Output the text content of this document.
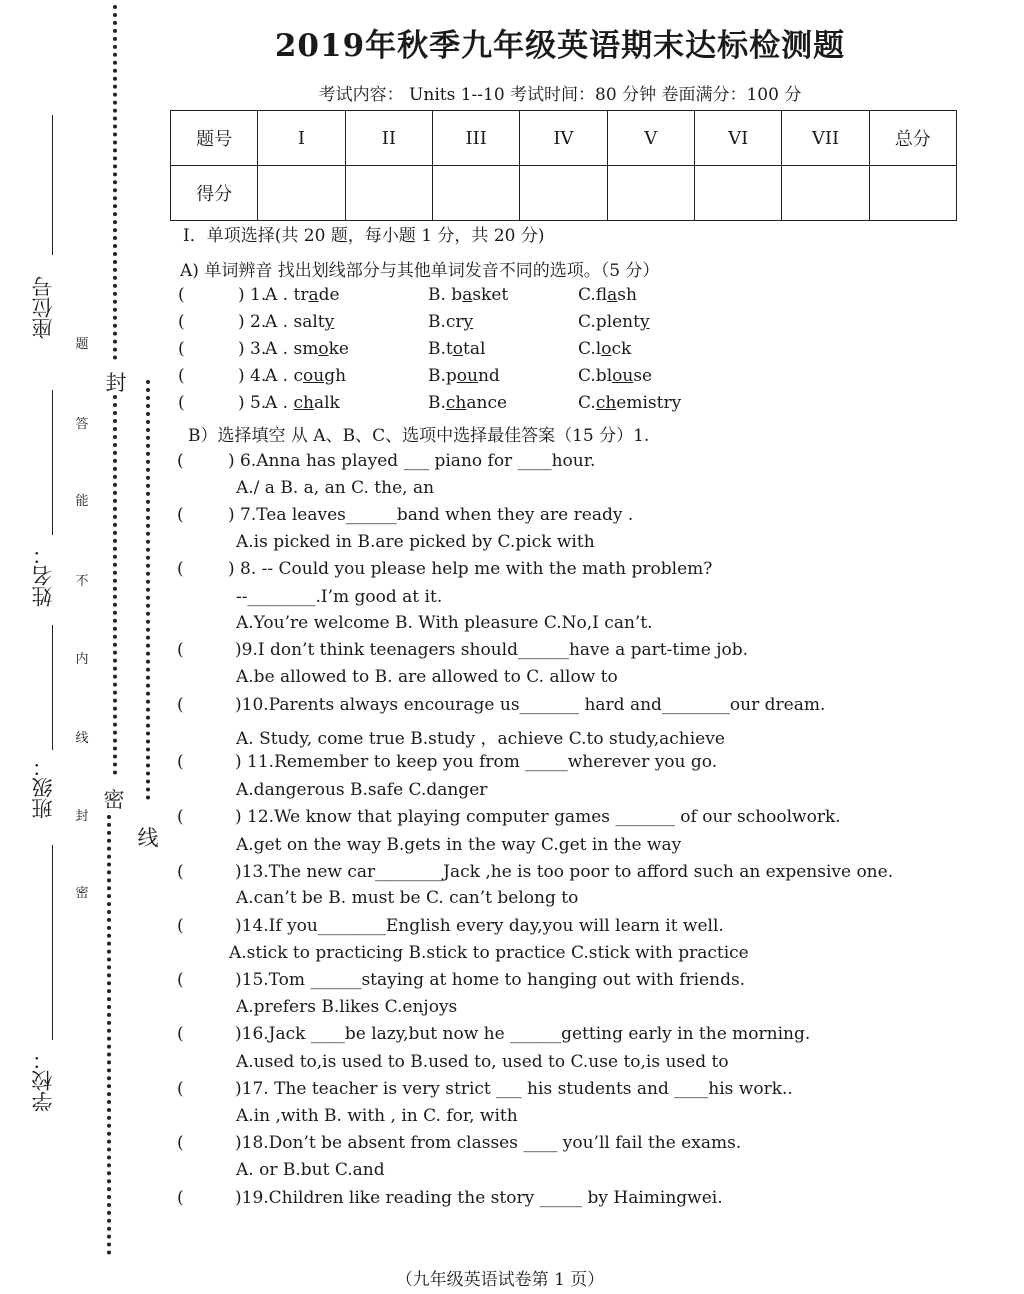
座位号
姓名：
班级：
学校：
题
答
能
不
内
线
封
密
封
密
线
2019年秋季九年级英语期末达标检测题
考试内容： Units 1--10 考试时间：80 分钟 卷面满分：100 分
题号	I	II	III	IV	V	VI	VII	总分
得分								
Ⅰ．单项选择(共 20 题，每小题 1 分，共 20 分)
A) 单词辨音 找出划线部分与其他单词发音不同的选项。（5 分）
(	) 1.
A . trade	B. basket	C.flash
(	) 2.
A . salty	B.cry	C.plenty
(	) 3.
A . smoke	B.total	C.lock
(	) 4.
A . cough	B.pound	C.blouse
(	) 5.
A . chalk	B.chance	C.chemistry
B）选择填空 从 A、B、C、选项中选择最佳答案（15 分）1.
(	) 6.Anna has played ___ piano for ____hour.
A./ a B. a, an C. the, an
(	) 7.Tea leaves______band when they are ready .
A.is picked in B.are picked by C.pick with
(	) 8. -- Could you please help me with the math problem?
--________.I’m good at it.
A.You’re welcome B. With pleasure C.No,I can’t.
(	)9.I don’t think teenagers should______have a part-time job.
A.be allowed to B. are allowed to C. allow to
(	)10.Parents always encourage us_______ hard and________our dream.
A. Study, come true B.study ，achieve C.to study,achieve
(	) 11.Remember to keep you from _____wherever you go.
A.dangerous B.safe C.danger
(	) 12.We know that playing computer games _______ of our schoolwork.
A.get on the way B.gets in the way C.get in the way
(	)13.The new car________Jack ,he is too poor to afford such an expensive one.
A.can’t be B. must be C. can’t belong to
(	)14.If you________English every day,you will learn it well.
A.stick to practicing B.stick to practice C.stick with practice
(	)15.Tom ______staying at home to hanging out with friends.
A.prefers B.likes C.enjoys
(	)16.Jack ____be lazy,but now he ______getting early in the morning.
A.used to,is used to B.used to, used to C.use to,is used to
(	)17. The teacher is very strict ___ his students and ____his work..
A.in ,with B. with , in C. for, with
(	)18.Don’t be absent from classes ____ you’ll fail the exams.
A. or B.but C.and
(	)19.Children like reading the story _____ by Haimingwei.
（九年级英语试卷第 1 页）
